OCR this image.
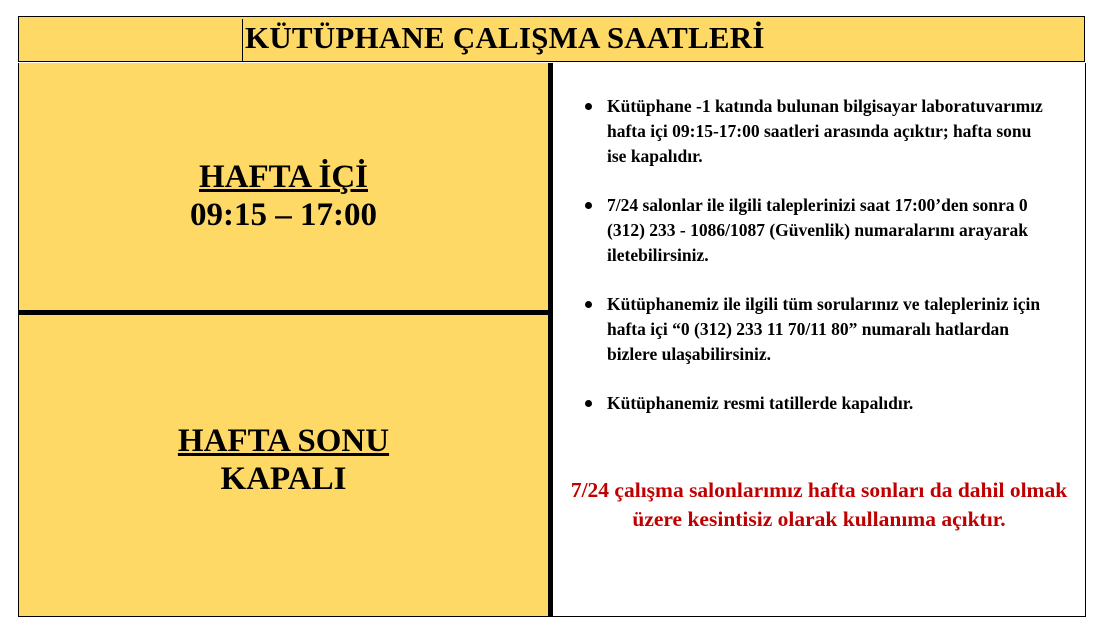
KÜTÜPHANE ÇALIŞMA SAATLERİ
HAFTA İÇİ
09:15 – 17:00
HAFTA SONU
KAPALI
Kütüphane -1 katında bulunan bilgisayar laboratuvarımız hafta içi 09:15-17:00 saatleri arasında açıktır; hafta sonu ise kapalıdır.
7/24 salonlar ile ilgili taleplerinizi saat 17:00’den sonra 0 (312) 233 - 1086/1087 (Güvenlik) numaralarını arayarak iletebilirsiniz.
Kütüphanemiz ile ilgili tüm sorularınız ve talepleriniz için hafta içi “0 (312) 233 11 70/11 80” numaralı hatlardan bizlere ulaşabilirsiniz.
Kütüphanemiz resmi tatillerde kapalıdır.
7/24 çalışma salonlarımız hafta sonları da dahil olmak üzere kesintisiz olarak kullanıma açıktır.
